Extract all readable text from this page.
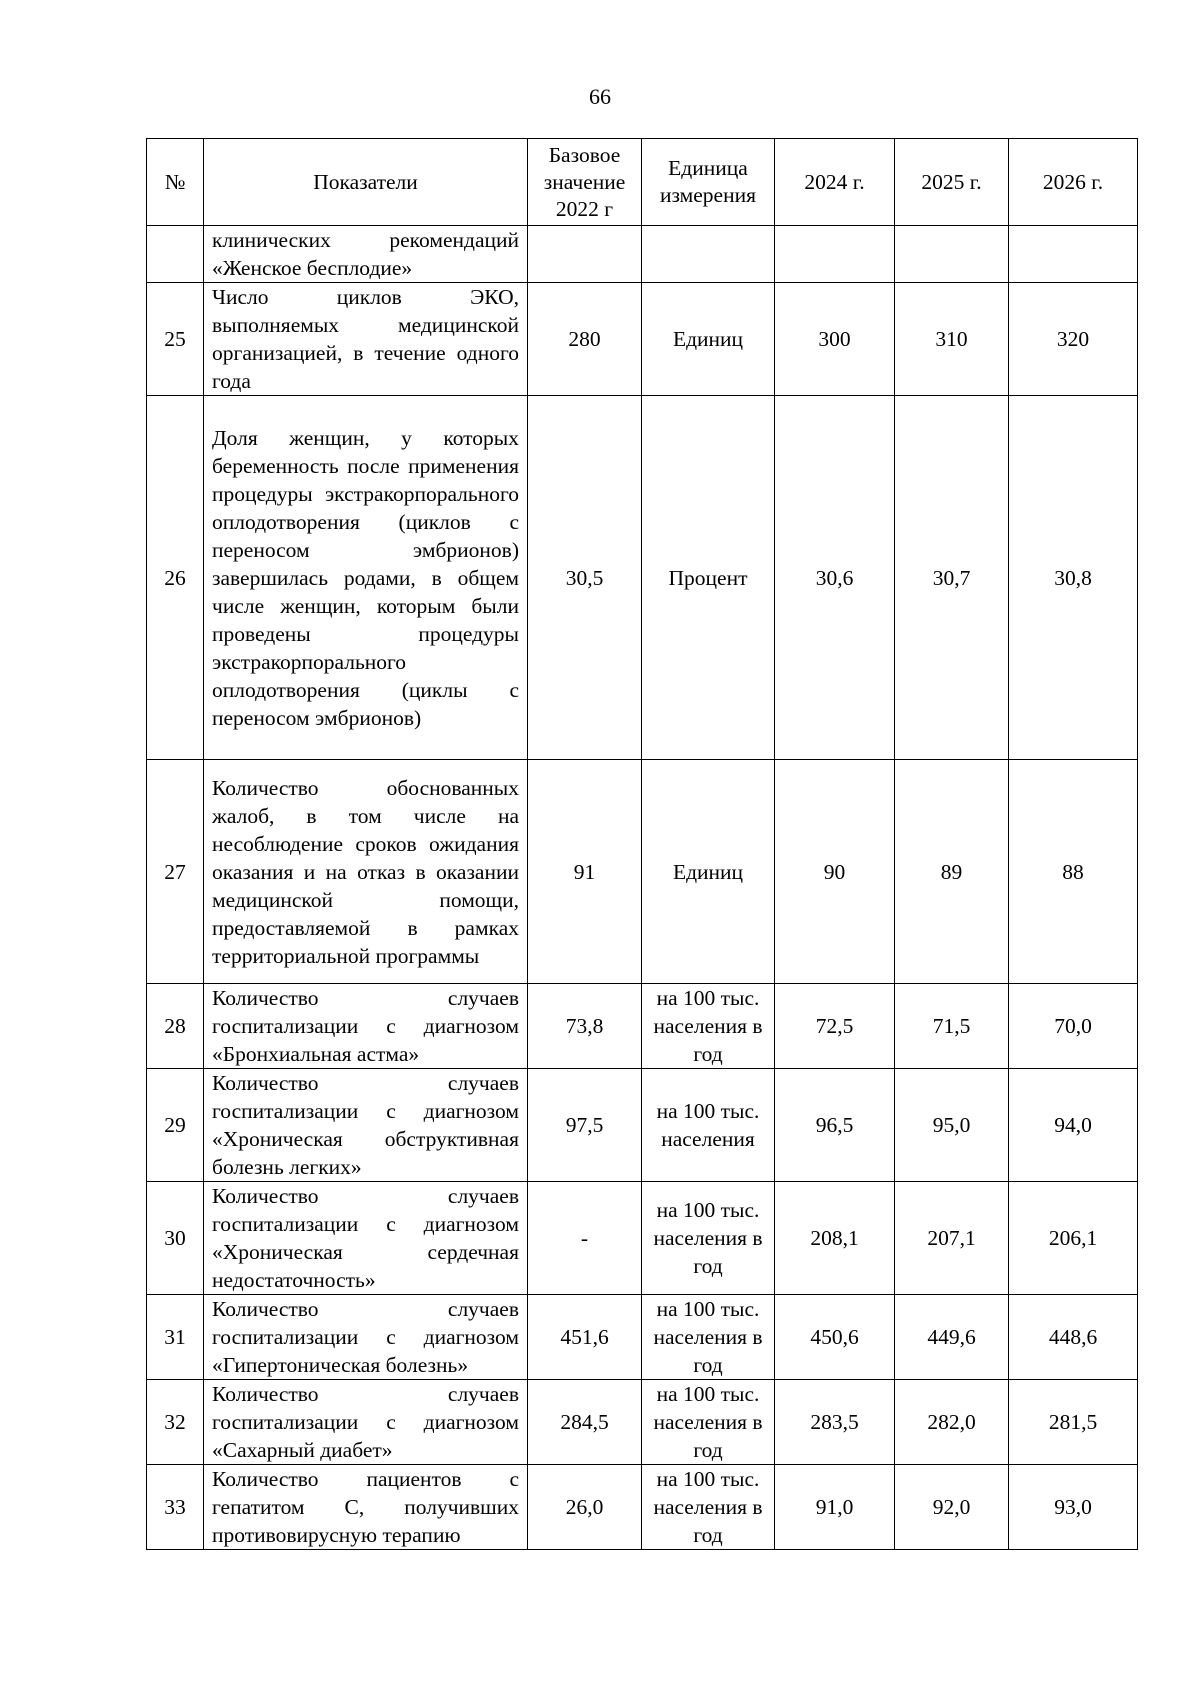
66
№	Показатели	Базовое значение 2022 г	Единица измерения	2024 г.	2025 г.	2026 г.
	клинических рекомендаций «Женское бесплодие»					
25	Число циклов ЭКО, выполняемых медицинской организацией, в течение одного года	280	Единиц	300	310	320
26	Доля женщин, у которых беременность после применения процедуры экстракорпорального оплодотворения (циклов с переносом эмбрионов) завершилась родами, в общем числе женщин, которым были проведены процедуры экстракорпорального оплодотворения (циклы с переносом эмбрионов)	30,5	Процент	30,6	30,7	30,8
27	Количество обоснованных жалоб, в том числе на несоблюдение сроков ожидания оказания и на отказ в оказании медицинской помощи, предоставляемой в рамках территориальной программы	91	Единиц	90	89	88
28	Количество случаев госпитализации с диагнозом «Бронхиальная астма»	73,8	на 100 тыс. населения в год	72,5	71,5	70,0
29	Количество случаев госпитализации с диагнозом «Хроническая обструктивная болезнь легких»	97,5	на 100 тыс. населения	96,5	95,0	94,0
30	Количество случаев госпитализации с диагнозом «Хроническая сердечная недостаточность»	-	на 100 тыс. населения в год	208,1	207,1	206,1
31	Количество случаев госпитализации с диагнозом «Гипертоническая болезнь»	451,6	на 100 тыс. населения в год	450,6	449,6	448,6
32	Количество случаев госпитализации с диагнозом «Сахарный диабет»	284,5	на 100 тыс. населения в год	283,5	282,0	281,5
33	Количество пациентов с гепатитом С, получивших противовирусную терапию	26,0	на 100 тыс. населения в год	91,0	92,0	93,0
